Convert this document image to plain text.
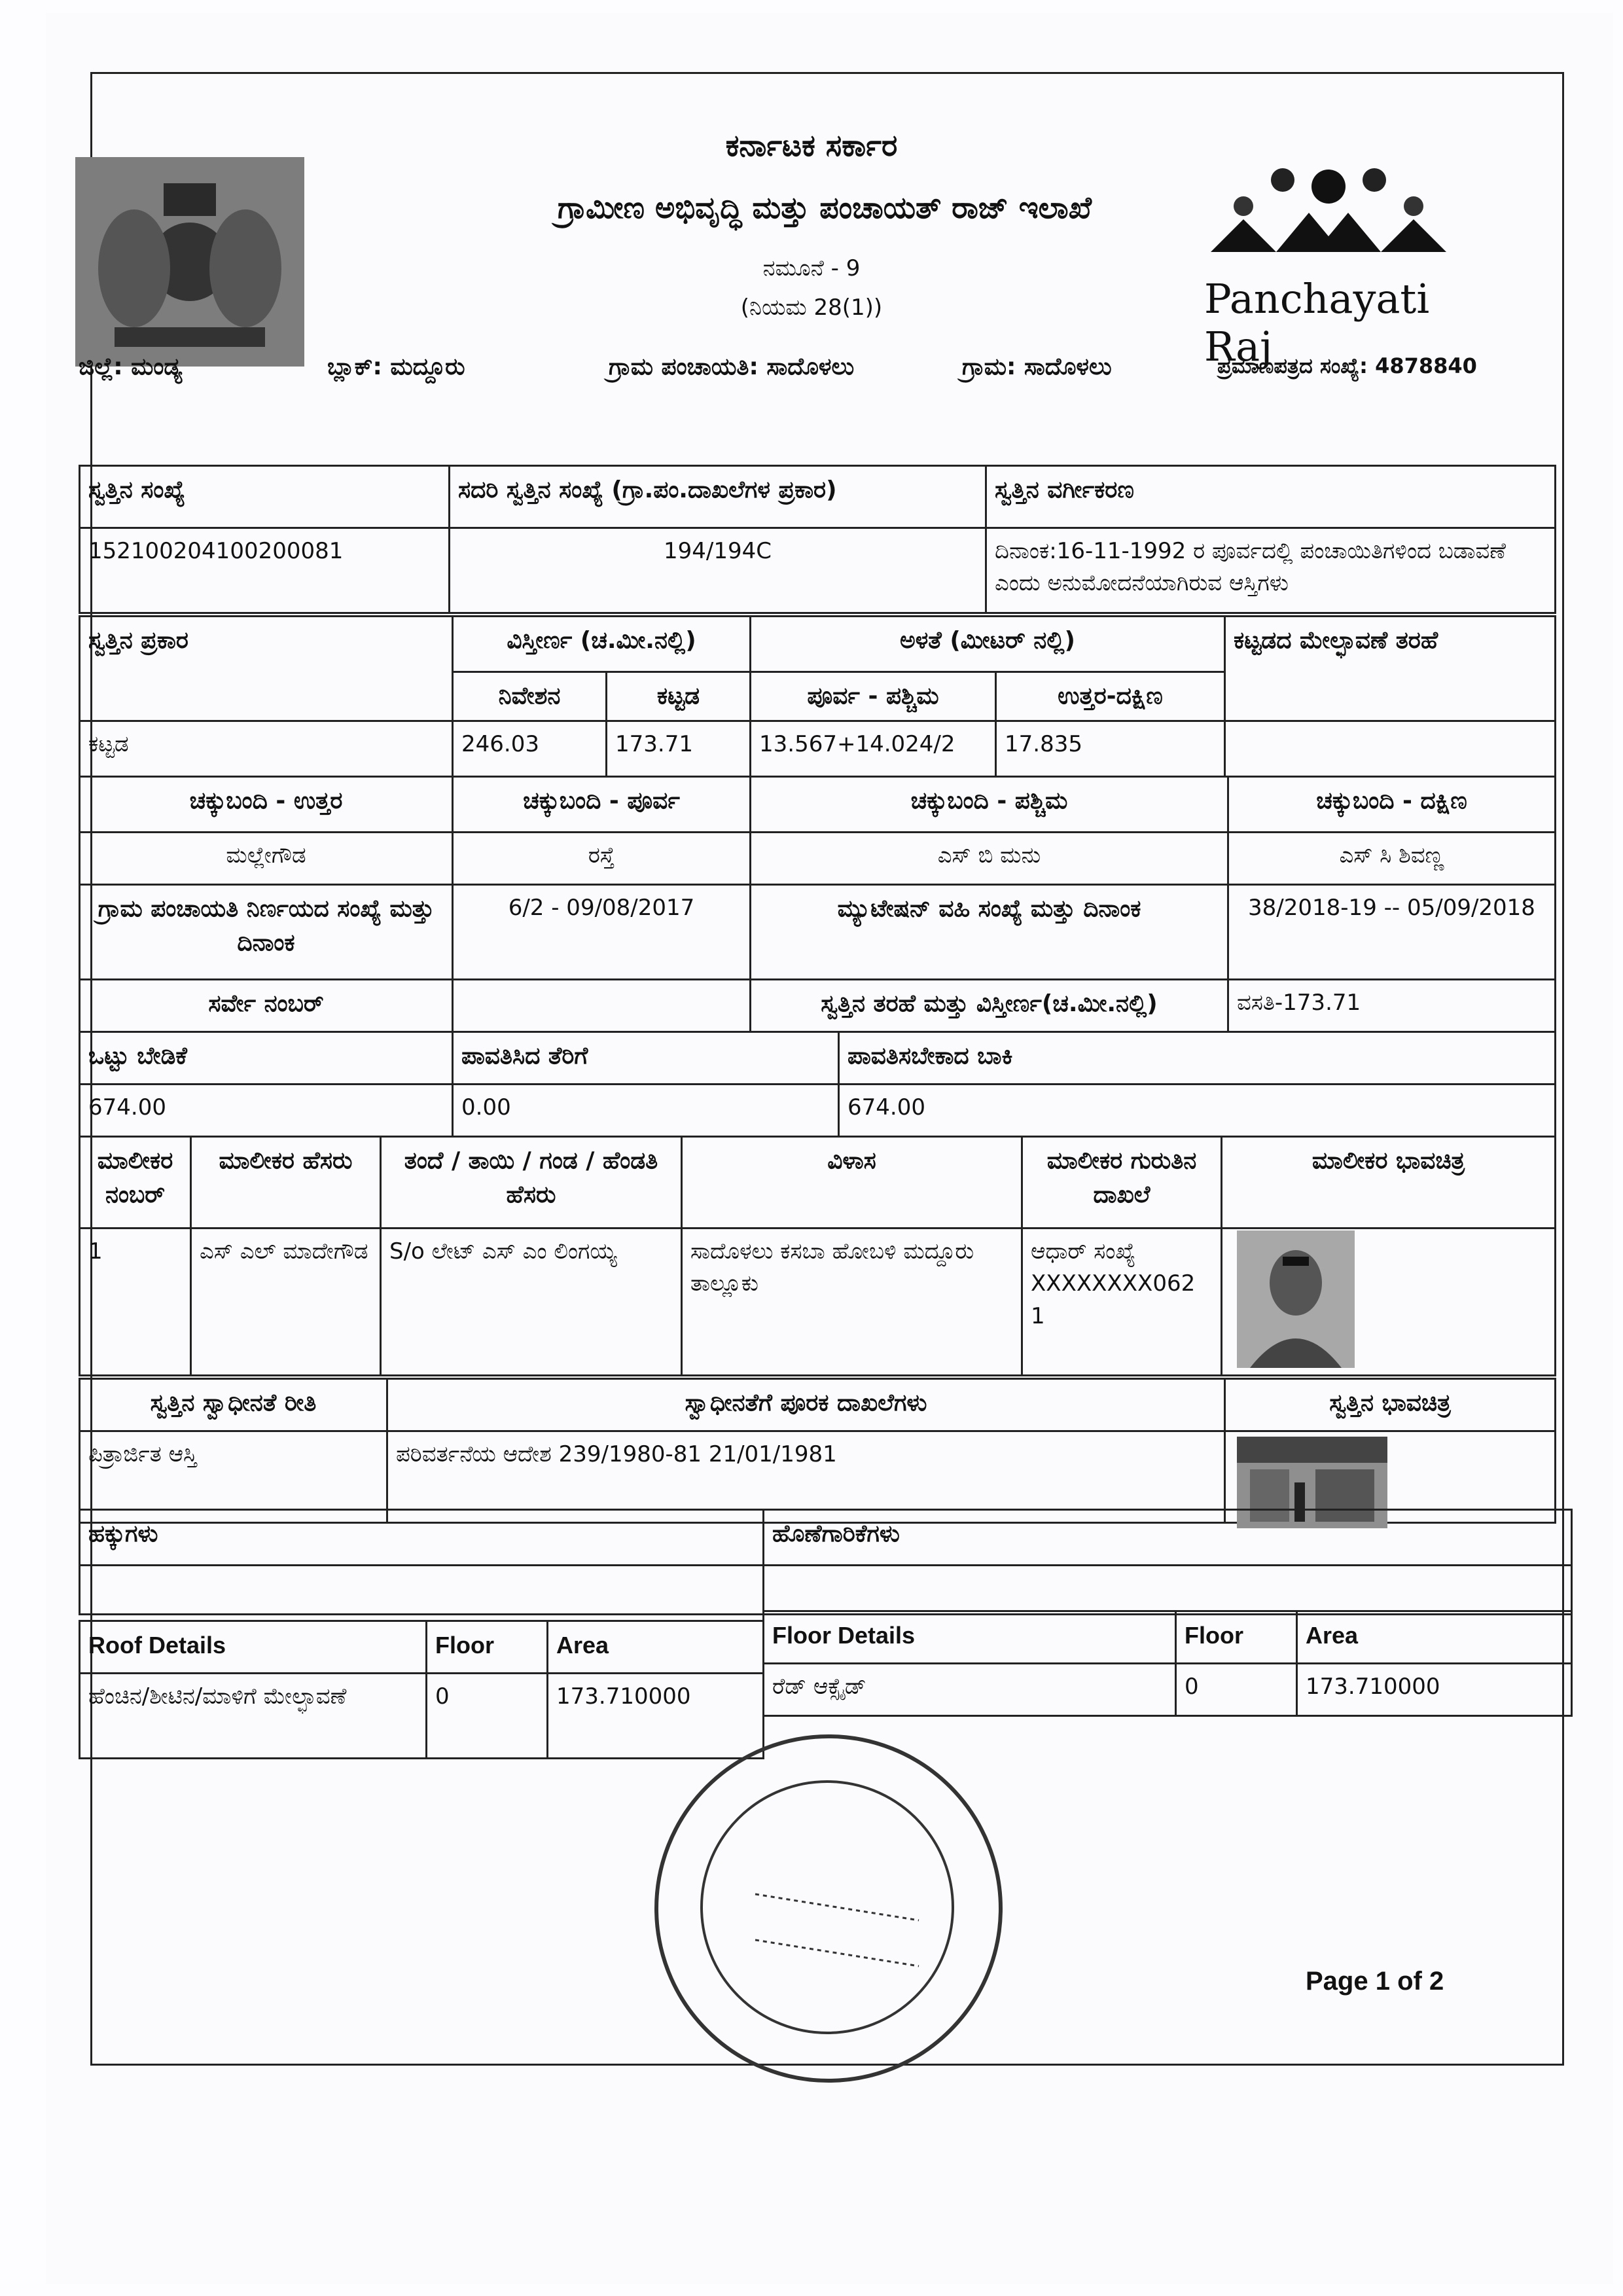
ಕರ್ನಾಟಕ ಸರ್ಕಾರ
ಗ್ರಾಮೀಣ ಅಭಿವೃದ್ಧಿ ಮತ್ತು ಪಂಚಾಯತ್ ರಾಜ್ ಇಲಾಖೆ
ನಮೂನೆ - 9
(ನಿಯಮ 28(1))	Panchayati Raj
ಜಿಲ್ಲೆ: ಮಂಡ್ಯ	ಬ್ಲಾಕ್: ಮದ್ದೂರು	ಗ್ರಾಮ ಪಂಚಾಯತಿ: ಸಾದೊಳಲು	ಗ್ರಾಮ: ಸಾದೊಳಲು	ಪ್ರಮಾಣಪತ್ರದ ಸಂಖ್ಯೆ: 4878840
ಸ್ವತ್ತಿನ ಸಂಖ್ಯೆ	ಸದರಿ ಸ್ವತ್ತಿನ ಸಂಖ್ಯೆ (ಗ್ರಾ.ಪಂ.ದಾಖಲೆಗಳ ಪ್ರಕಾರ)	ಸ್ವತ್ತಿನ ವರ್ಗೀಕರಣ
152100204100200081	194/194C	ದಿನಾಂಕ:16-11-1992 ರ ಪೂರ್ವದಲ್ಲಿ ಪಂಚಾಯಿತಿಗಳಿಂದ ಬಡಾವಣೆ ಎಂದು ಅನುಮೋದನೆಯಾಗಿರುವ ಆಸ್ತಿಗಳು
ಸ್ವತ್ತಿನ ಪ್ರಕಾರ	ವಿಸ್ತೀರ್ಣ (ಚ.ಮೀ.ನಲ್ಲಿ)		ಅಳತೆ (ಮೀಟರ್ ನಲ್ಲಿ)		ಕಟ್ಟಡದ ಮೇಲ್ಛಾವಣೆ ತರಹೆ
	ನಿವೇಶನ	ಕಟ್ಟಡ	ಪೂರ್ವ - ಪಶ್ಚಿಮ	ಉತ್ತರ-ದಕ್ಷಿಣ	
ಕಟ್ಟಡ	246.03	173.71	13.567+14.024/2	17.835	
ಚಕ್ಕುಬಂದಿ - ಉತ್ತರ	ಚಕ್ಕುಬಂದಿ - ಪೂರ್ವ	ಚಕ್ಕುಬಂದಿ - ಪಶ್ಚಿಮ	ಚಕ್ಕುಬಂದಿ - ದಕ್ಷಿಣ
ಮಲ್ಲೇಗೌಡ	ರಸ್ತೆ	ಎಸ್ ಬಿ ಮನು	ಎಸ್ ಸಿ ಶಿವಣ್ಣ
ಗ್ರಾಮ ಪಂಚಾಯತಿ ನಿರ್ಣಯದ ಸಂಖ್ಯೆ ಮತ್ತು ದಿನಾಂಕ	6/2 - 09/08/2017	ಮ್ಯುಟೇಷನ್ ವಹಿ ಸಂಖ್ಯೆ ಮತ್ತು ದಿನಾಂಕ	38/2018-19 -- 05/09/2018
ಸರ್ವೇ ನಂಬರ್		ಸ್ವತ್ತಿನ ತರಹೆ ಮತ್ತು ವಿಸ್ತೀರ್ಣ(ಚ.ಮೀ.ನಲ್ಲಿ)	ವಸತಿ-173.71
ಒಟ್ಟು ಬೇಡಿಕೆ	ಪಾವತಿಸಿದ ತೆರಿಗೆ	ಪಾವತಿಸಬೇಕಾದ ಬಾಕಿ
674.00	0.00	674.00
ಮಾಲೀಕರ ನಂಬರ್	ಮಾಲೀಕರ ಹೆಸರು	ತಂದೆ / ತಾಯಿ / ಗಂಡ / ಹೆಂಡತಿ ಹೆಸರು	ವಿಳಾಸ	ಮಾಲೀಕರ ಗುರುತಿನ ದಾಖಲೆ	ಮಾಲೀಕರ ಭಾವಚಿತ್ರ
1	ಎಸ್ ಎಲ್ ಮಾದೇಗೌಡ	S/o ಲೇಟ್ ಎಸ್ ಎಂ ಲಿಂಗಯ್ಯ	ಸಾದೊಳಲು ಕಸಬಾ ಹೋಬಳಿ ಮದ್ದೂರು ತಾಲ್ಲೂಕು	ಆಧಾರ್ ಸಂಖ್ಯೆ XXXXXXXX062 1	
ಸ್ವತ್ತಿನ ಸ್ವಾಧೀನತೆ ರೀತಿ	ಸ್ವಾಧೀನತೆಗೆ ಪೂರಕ ದಾಖಲೆಗಳು	ಸ್ವತ್ತಿನ ಭಾವಚಿತ್ರ
ಪಿತ್ರಾರ್ಜಿತ ಆಸ್ತಿ	ಪರಿವರ್ತನೆಯ ಆದೇಶ 239/1980-81 21/01/1981	
ಹಕ್ಕುಗಳು	ಹೊಣೆಗಾರಿಕೆಗಳು

Roof Details	Floor	Area
ಹೆಂಚಿನ/ಶೀಟಿನ/ಮಾಳಿಗೆ ಮೇಲ್ಛಾವಣೆ	0	173.710000
Floor Details	Floor	Area
ರೆಡ್ ಆಕ್ಸೈಡ್	0	173.710000
Page 1 of 2
